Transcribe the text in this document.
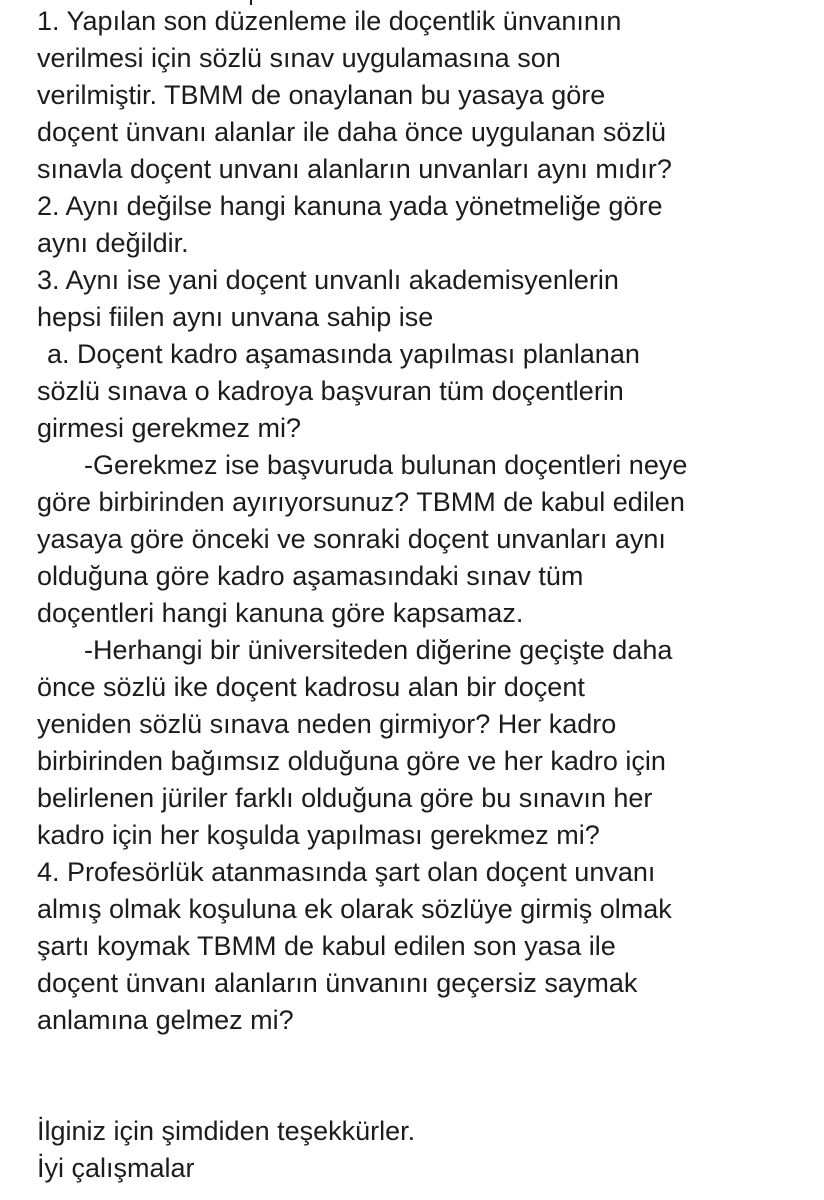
1. Yapılan son düzenleme ile doçentlik ünvanının
verilmesi için sözlü sınav uygulamasına son
verilmiştir. TBMM de onaylanan bu yasaya göre
doçent ünvanı alanlar ile daha önce uygulanan sözlü
sınavla doçent unvanı alanların unvanları aynı mıdır?
2. Aynı değilse hangi kanuna yada yönetmeliğe göre
aynı değildir.
3. Aynı ise yani doçent unvanlı akademisyenlerin
hepsi fiilen aynı unvana sahip ise
a. Doçent kadro aşamasında yapılması planlanan
sözlü sınava o kadroya başvuran tüm doçentlerin
girmesi gerekmez mi?
-Gerekmez ise başvuruda bulunan doçentleri neye
göre birbirinden ayırıyorsunuz? TBMM de kabul edilen
yasaya göre önceki ve sonraki doçent unvanları aynı
olduğuna göre kadro aşamasındaki sınav tüm
doçentleri hangi kanuna göre kapsamaz.
-Herhangi bir üniversiteden diğerine geçişte daha
önce sözlü ike doçent kadrosu alan bir doçent
yeniden sözlü sınava neden girmiyor? Her kadro
birbirinden bağımsız olduğuna göre ve her kadro için
belirlenen jüriler farklı olduğuna göre bu sınavın her
kadro için her koşulda yapılması gerekmez mi?
4. Profesörlük atanmasında şart olan doçent unvanı
almış olmak koşuluna ek olarak sözlüye girmiş olmak
şartı koymak TBMM de kabul edilen son yasa ile
doçent ünvanı alanların ünvanını geçersiz saymak
anlamına gelmez mi?
İlginiz için şimdiden teşekkürler.
İyi çalışmalar
